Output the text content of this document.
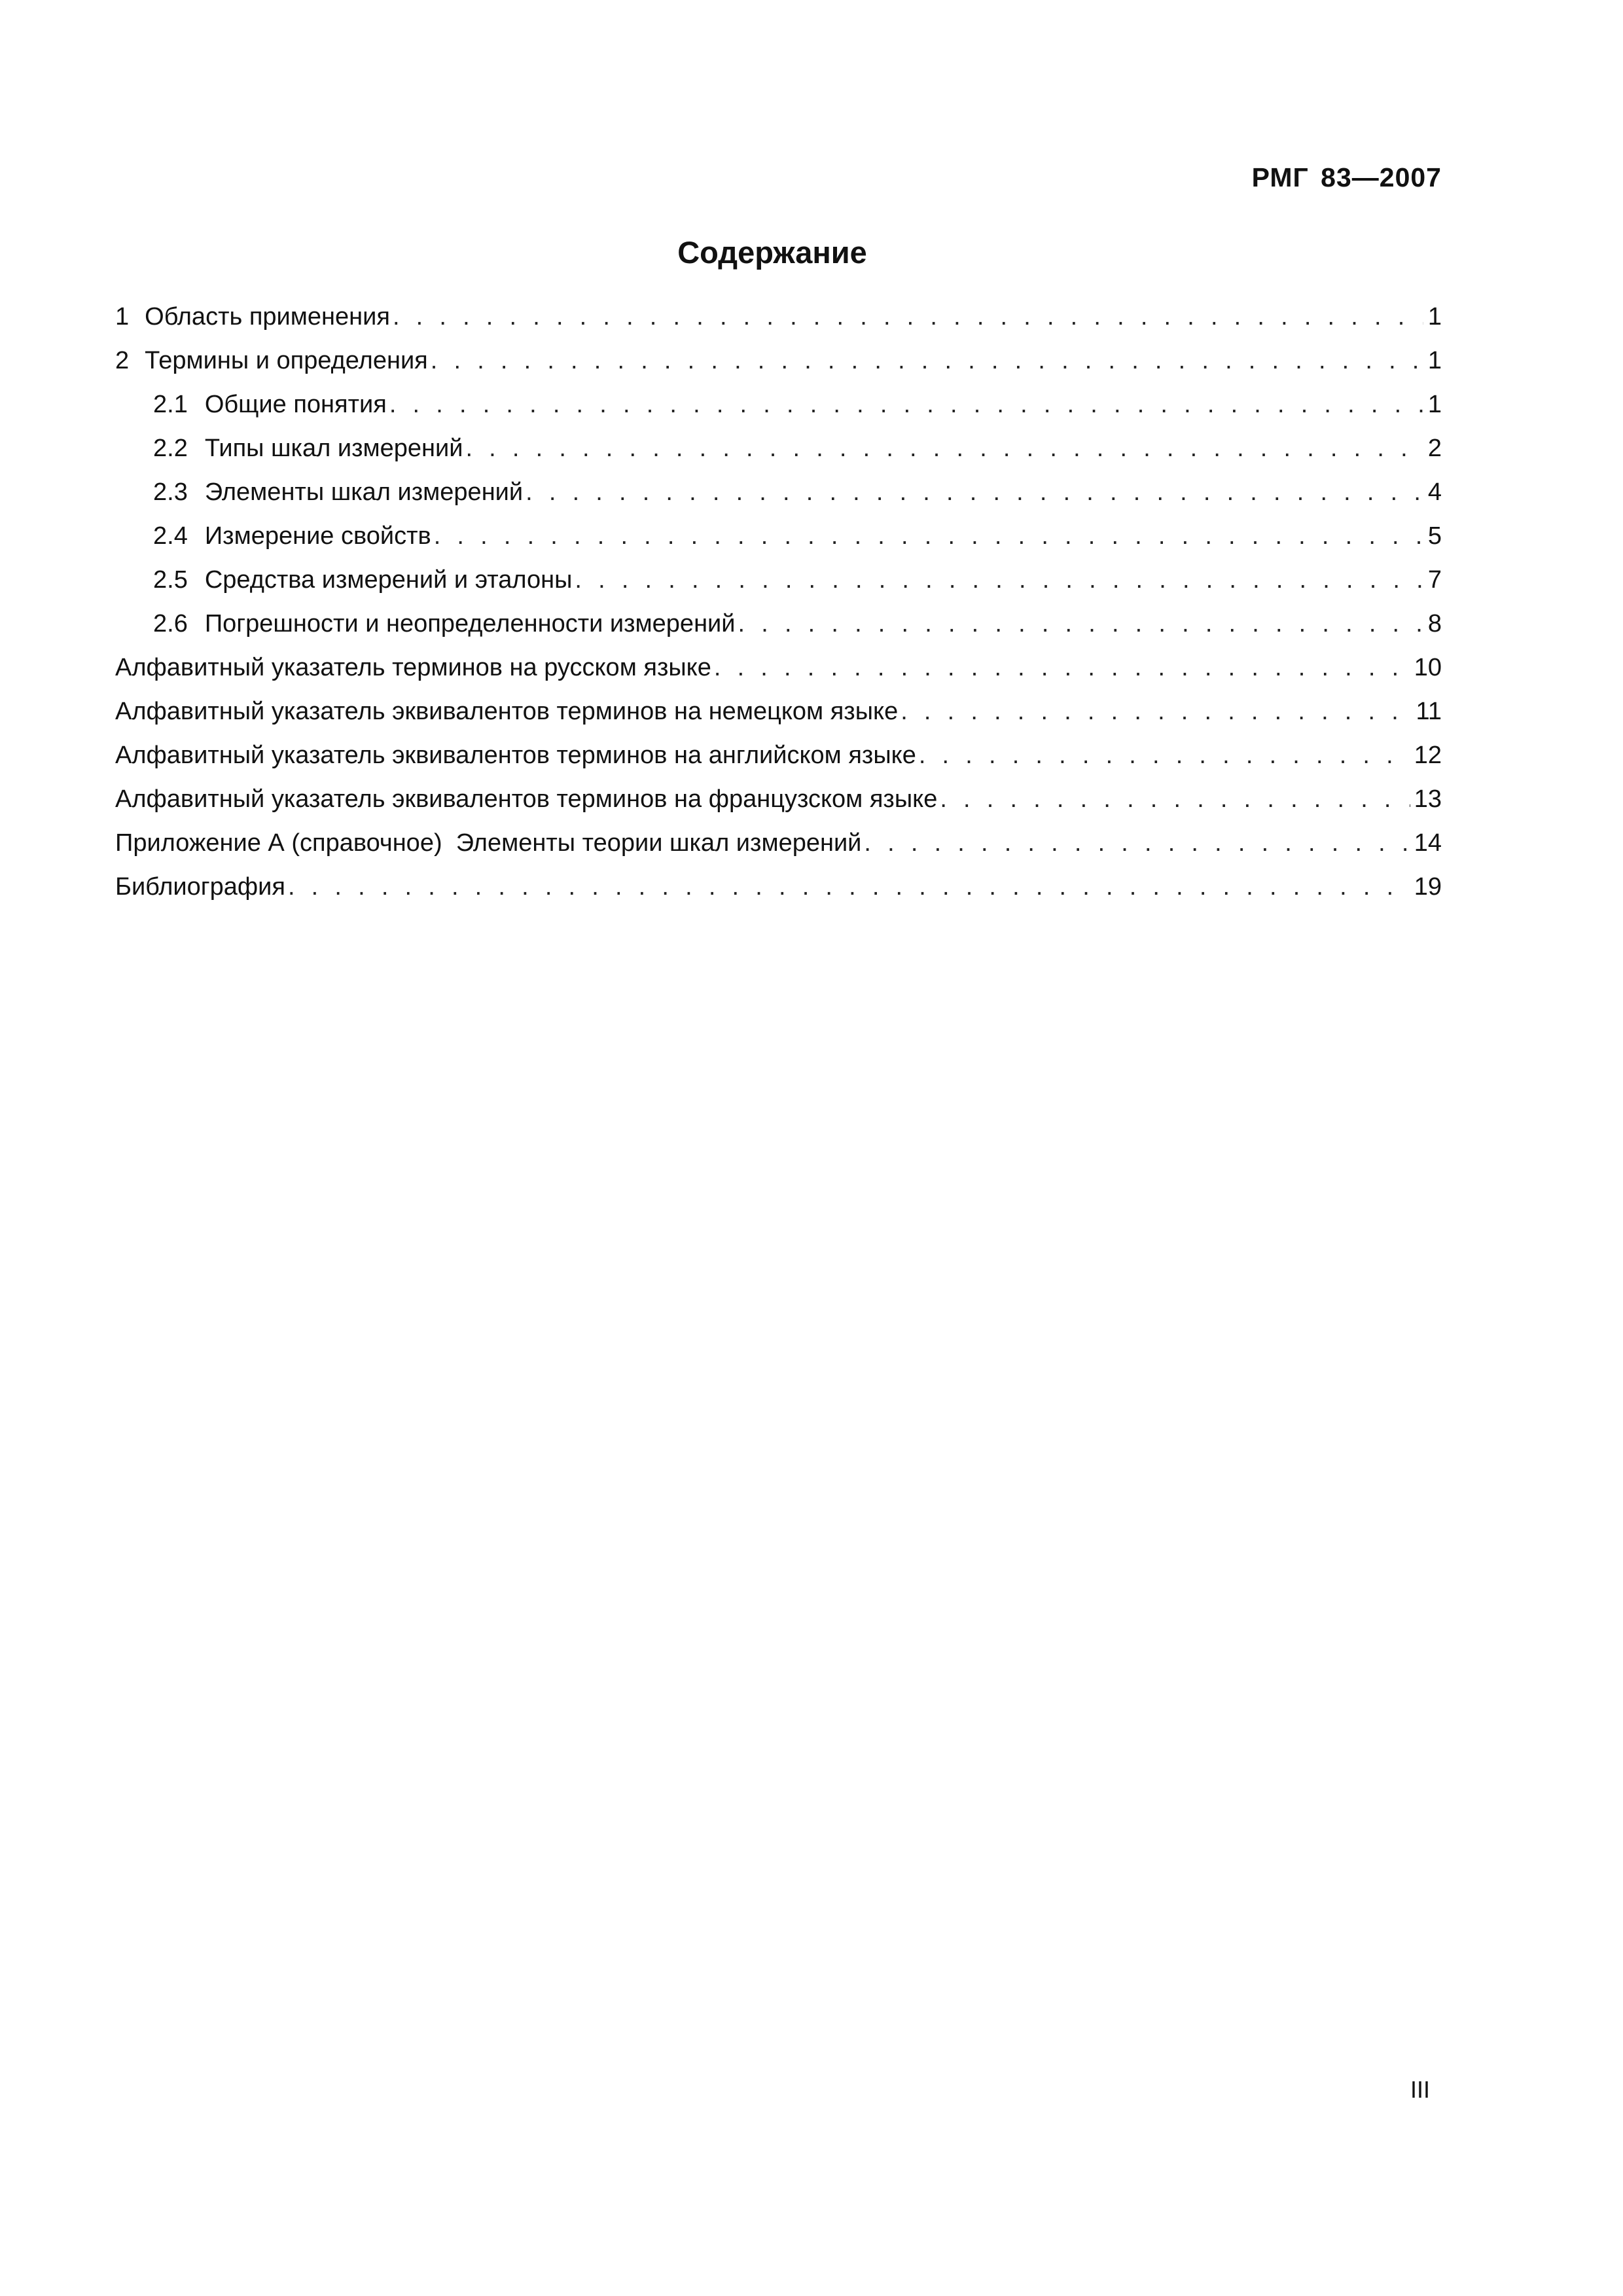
РМГ 83—2007

Содержание
1 Область применения . . .	1
2 Термины и определения . . .	1
2.1 Общие понятия . . .	1
2.2 Типы шкал измерений . . .	2
2.3 Элементы шкал измерений . . .	4
2.4 Измерение свойств . . .	5
2.5 Средства измерений и эталоны . . .	7
2.6 Погрешности и неопределенности измерений . . .	8
Алфавитный указатель терминов на русском языке . . .	10
Алфавитный указатель эквивалентов терминов на немецком языке . . .	11
Алфавитный указатель эквивалентов терминов на английском языке . . .	12
Алфавитный указатель эквивалентов терминов на французском языке . . .	13
Приложение А (справочное)  Элементы теории шкал измерений . . .	14
Библиография . . .	19

III
